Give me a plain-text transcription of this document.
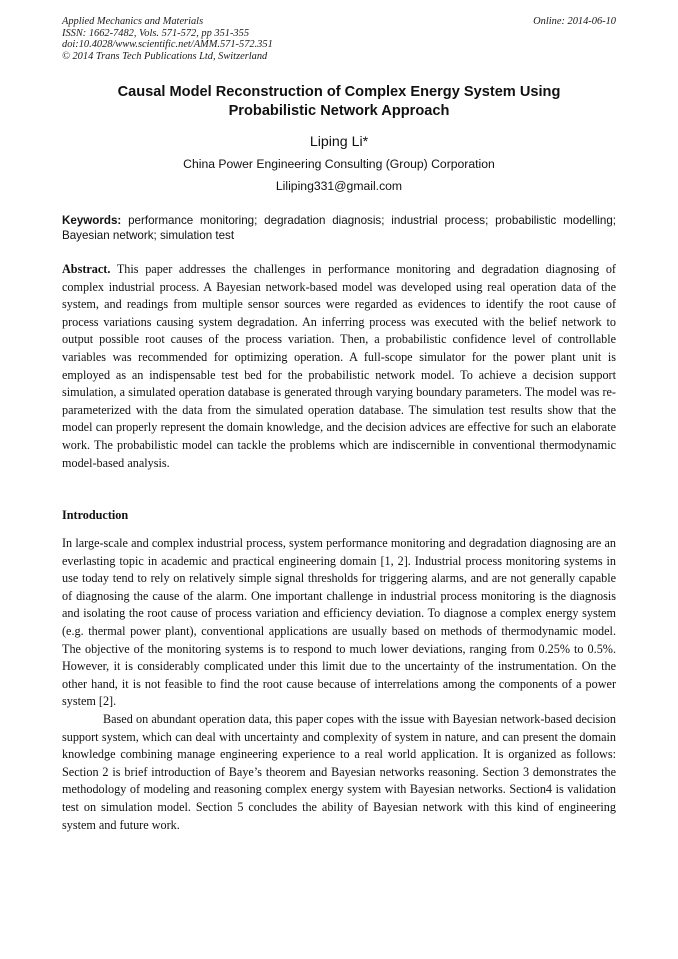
Applied Mechanics and Materials
ISSN: 1662-7482, Vols. 571-572, pp 351-355
doi:10.4028/www.scientific.net/AMM.571-572.351
© 2014 Trans Tech Publications Ltd, Switzerland
Online: 2014-06-10
Causal Model Reconstruction of Complex Energy System Using
Probabilistic Network Approach
Liping Li*
China Power Engineering Consulting (Group) Corporation
Liliping331@gmail.com
Keywords: performance monitoring; degradation diagnosis; industrial process; probabilistic modelling; Bayesian network; simulation test
Abstract. This paper addresses the challenges in performance monitoring and degradation diagnosing of complex industrial process. A Bayesian network-based model was developed using real operation data of the system, and readings from multiple sensor sources were regarded as evidences to identify the root cause of process variations causing system degradation. An inferring process was executed with the belief network to output possible root causes of the process variation. Then, a probabilistic confidence level of controllable variables was recommended for optimizing operation. A full-scope simulator for the power plant unit is employed as an indispensable test bed for the probabilistic network model. To achieve a decision support simulation, a simulated operation database is generated through varying boundary parameters. The model was re-parameterized with the data from the simulated operation database. The simulation test results show that the model can properly represent the domain knowledge, and the decision advices are effective for such an elaborate work. The probabilistic model can tackle the problems which are indiscernible in conventional thermodynamic model-based analysis.
Introduction

In large-scale and complex industrial process, system performance monitoring and degradation diagnosing are an everlasting topic in academic and practical engineering domain [1, 2]. Industrial process monitoring systems in use today tend to rely on relatively simple signal thresholds for triggering alarms, and are not generally capable of diagnosing the cause of the alarm. One important challenge in industrial process monitoring is the diagnosis and isolating the root cause of process variation and efficiency deviation. To diagnose a complex energy system (e.g. thermal power plant), conventional applications are usually based on methods of thermodynamic model. The objective of the monitoring systems is to respond to much lower deviations, ranging from 0.25% to 0.5%. However, it is considerably complicated under this limit due to the uncertainty of the instrumentation. On the other hand, it is not feasible to find the root cause because of interrelations among the components of a power system [2].

Based on abundant operation data, this paper copes with the issue with Bayesian network-based decision support system, which can deal with uncertainty and complexity of system in nature, and can present the domain knowledge combining manage engineering experience to a real world application. It is organized as follows: Section 2 is brief introduction of Baye’s theorem and Bayesian networks reasoning. Section 3 demonstrates the methodology of modeling and reasoning complex energy system with Bayesian networks. Section4 is validation test on simulation model. Section 5 concludes the ability of Bayesian network with this kind of engineering system and future work.
